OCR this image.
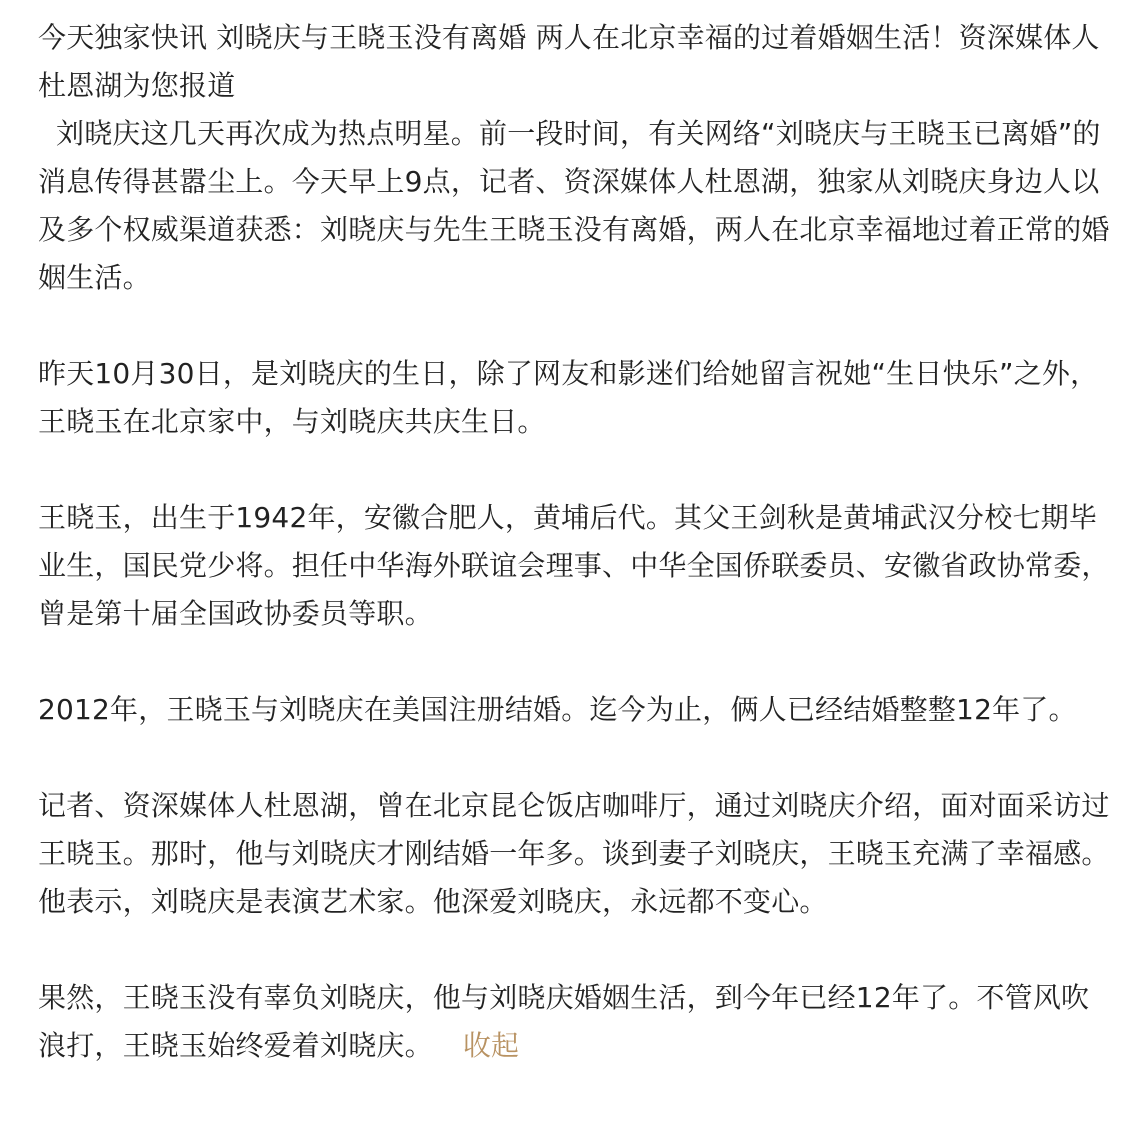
今天独家快讯 刘晓庆与王晓玉没有离婚 两人在北京幸福的过着婚姻生活！资深媒体人杜恩湖为您报道

刘晓庆这几天再次成为热点明星。前一段时间，有关网络“刘晓庆与王晓玉已离婚”的消息传得甚嚣尘上。今天早上9点，记者、资深媒体人杜恩湖，独家从刘晓庆身边人以及多个权威渠道获悉：刘晓庆与先生王晓玉没有离婚，两人在北京幸福地过着正常的婚姻生活。

昨天10月30日，是刘晓庆的生日，除了网友和影迷们给她留言祝她“生日快乐”之外，王晓玉在北京家中，与刘晓庆共庆生日。

王晓玉，出生于1942年，安徽合肥人，黄埔后代。其父王剑秋是黄埔武汉分校七期毕业生，国民党少将。担任中华海外联谊会理事、中华全国侨联委员、安徽省政协常委，曾是第十届全国政协委员等职。

2012年，王晓玉与刘晓庆在美国注册结婚。迄今为止，俩人已经结婚整整12年了。

记者、资深媒体人杜恩湖，曾在北京昆仑饭店咖啡厅，通过刘晓庆介绍，面对面采访过王晓玉。那时，他与刘晓庆才刚结婚一年多。谈到妻子刘晓庆，王晓玉充满了幸福感。他表示，刘晓庆是表演艺术家。他深爱刘晓庆，永远都不变心。

果然，王晓玉没有辜负刘晓庆，他与刘晓庆婚姻生活，到今年已经12年了。不管风吹浪打，王晓玉始终爱着刘晓庆。 收起
